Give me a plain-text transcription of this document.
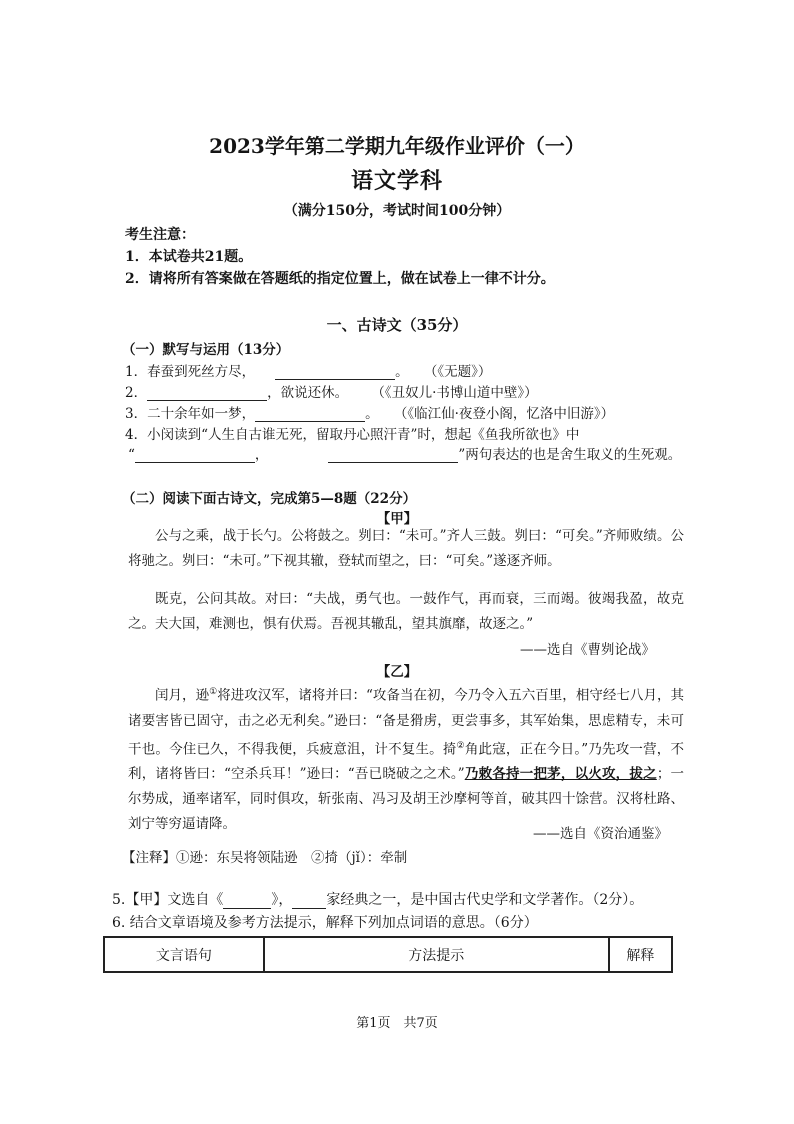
2023学年第二学期九年级作业评价（一）
语文学科
（满分150分，考试时间100分钟）
考生注意：
1．本试卷共21题。
2．请将所有答案做在答题纸的指定位置上，做在试卷上一律不计分。
一、古诗文（35分）
（一）默写与运用（13分）
1．春蚕到死丝方尽，	。 （《无题》）
2．	，欲说还休。 （《丑奴儿·书博山道中壁》）
3．二十余年如一梦，	。 （《临江仙·夜登小阁，忆洛中旧游》）
4．小闵读到“人生自古谁无死，留取丹心照汗青”时，想起《鱼我所欲也》中
“	，	”两句表达的也是舍生取义的生死观。
（二）阅读下面古诗文，完成第5—8题（22分）
【甲】
公与之乘，战于长勺。公将鼓之。刿曰：“未可。”齐人三鼓。刿曰：“可矣。”齐师败绩。公将驰之。刿曰：“未可。”下视其辙，登轼而望之，曰：“可矣。”遂逐齐师。
既克，公问其故。对曰：“夫战，勇气也。一鼓作气，再而衰，三而竭。彼竭我盈，故克之。夫大国，难测也，惧有伏焉。吾视其辙乱，望其旗靡，故逐之。”
——选自《曹刿论战》
【乙】
闰月，逊①将进攻汉军，诸将并曰：“攻备当在初，今乃令入五六百里，相守经七八月，其诸要害皆已固守，击之必无利矣。”逊曰：“备是猾虏，更尝事多，其军始集，思虑精专，未可干也。今住已久，不得我便，兵疲意沮，计不复生。掎②角此寇，正在今日。”乃先攻一营，不利，诸将皆曰：“空杀兵耳！”逊曰：“吾已晓破之之术。”乃敕各持一把茅，以火攻，拔之；一尔势成，通率诸军，同时俱攻，斩张南、冯习及胡王沙摩柯等首，破其四十馀营。汉将杜路、刘宁等穷逼请降。
——选自《资治通鉴》
【注释】①逊：东吴将领陆逊　②掎（jǐ）：牵制
5.【甲】文选自《	》， 家经典之一，是中国古代史学和文学著作。（2分）。
6. 结合文章语境及参考方法提示，解释下列加点词语的意思。（6分）
文言语句	方法提示	解释
第1页　共7页
